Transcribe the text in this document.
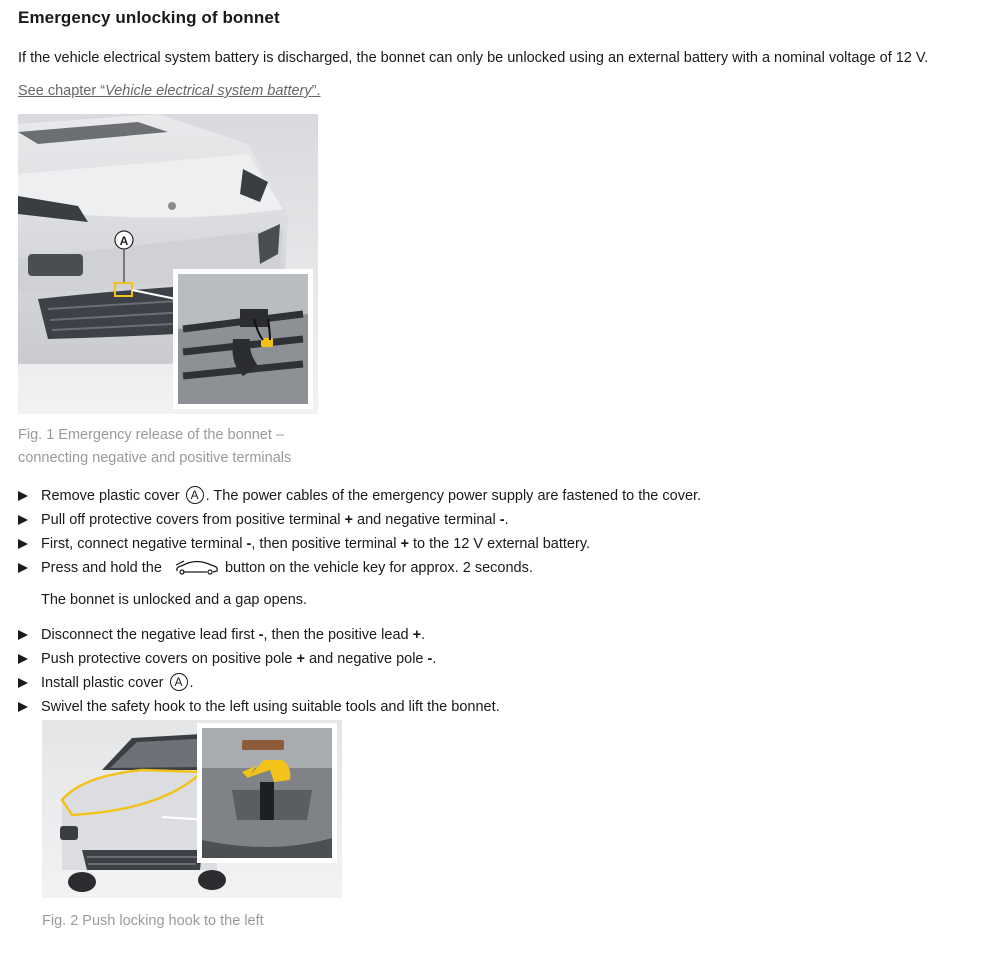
Emergency unlocking of bonnet
If the vehicle electrical system battery is discharged, the bonnet can only be unlocked using an external battery with a nominal voltage of 12 V.
See chapter “Vehicle electrical system battery”.
A
Fig. 1 Emergency release of the bonnet – connecting negative and positive terminals
Remove plastic cover A . The power cables of the emergency power supply are fastened to the cover.
Pull off protective covers from positive terminal + and negative terminal -.
First, connect negative terminal -, then positive terminal + to the 12 V external battery.
Press and hold the	button on the vehicle key for approx. 2 seconds.
Disconnect the negative lead first -, then the positive lead +.
Push protective covers on positive pole + and negative pole -.
Install plastic cover A .
Swivel the safety hook to the left using suitable tools and lift the bonnet.
The bonnet is unlocked and a gap opens.
Fig. 2 Push locking hook to the left
